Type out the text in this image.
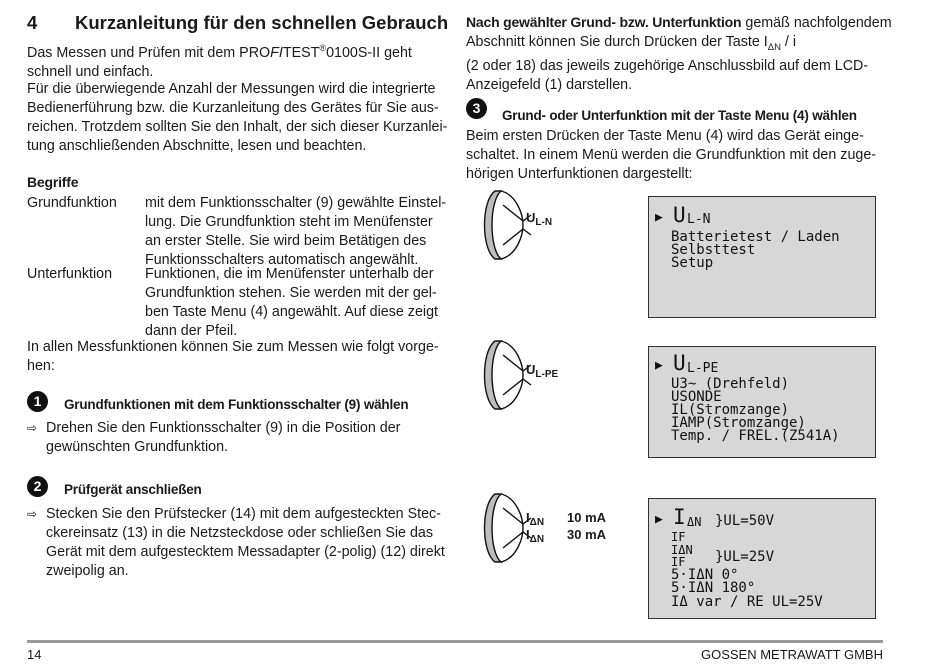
4 Kurzanleitung für den schnellen Gebrauch
Das Messen und Prüfen mit dem PROFITEST®0100S-II geht
schnell und einfach.
Für die überwiegende Anzahl der Messungen wird die integrierte
Bedienerführung bzw. die Kurzanleitung des Gerätes für Sie aus-
reichen. Trotzdem sollten Sie den Inhalt, der sich dieser Kurzanlei-
tung anschließenden Abschnitte, lesen und beachten.
Begriffe
Grundfunktion mit dem Funktionsschalter (9) gewählte Einstel-
lung. Die Grundfunktion steht im Menüfenster
an erster Stelle. Sie wird beim Betätigen des
Funktionsschalters automatisch angewählt.
Unterfunktion Funktionen, die im Menüfenster unterhalb der
Grundfunktion stehen. Sie werden mit der gel-
ben Taste Menu (4) angewählt. Auf diese zeigt
dann der Pfeil.
In allen Messfunktionen können Sie zum Messen wie folgt vorge-
hen:
1	Grundfunktionen mit dem Funktionsschalter (9) wählen
⇨ Drehen Sie den Funktionsschalter (9) in die Position der
gewünschten Grundfunktion.
2	Prüfgerät anschließen
⇨ Stecken Sie den Prüfstecker (14) mit dem aufgesteckten Stec-
ckereinsatz (13) in die Netzsteckdose oder schließen Sie das
Gerät mit dem aufgestecktem Messadapter (2-polig) (12) direkt
zweipolig an.
Nach gewählter Grund- bzw. Unterfunktion gemäß nachfolgendem
Abschnitt können Sie durch Drücken der Taste $I_{\Delta N}$ / i
(2 oder 18) das jeweils zugehörige Anschlussbild auf dem LCD-
Anzeigefeld (1) darstellen.
3	Grund- oder Unterfunktion mit der Taste Menu (4) wählen
Beim ersten Drücken der Taste Menu (4) wird das Gerät einge-
schaltet. In einem Menü werden die Grundfunktion mit den zuge-
hörigen Unterfunktionen dargestellt:
$U_{L-N}$
$U_{L-PE}$
$I_{\Delta N}$
$I_{\Delta N}$
10 mA
30 mA
▶ U L-N
Batterietest / Laden
Selbsttest
Setup
▶ U L-PE
U3~ (Drehfeld)
USONDE
IL(Stromzange)
IAMP(Stromzange)
Temp. / FREL.(Z541A)
▶ I ΔN }UL=50V
}UL=25V
IF
IΔN
IF
5·IΔN 0°
5·IΔN 180°
IΔ var / RE UL=25V
14	GOSSEN METRAWATT GMBH
